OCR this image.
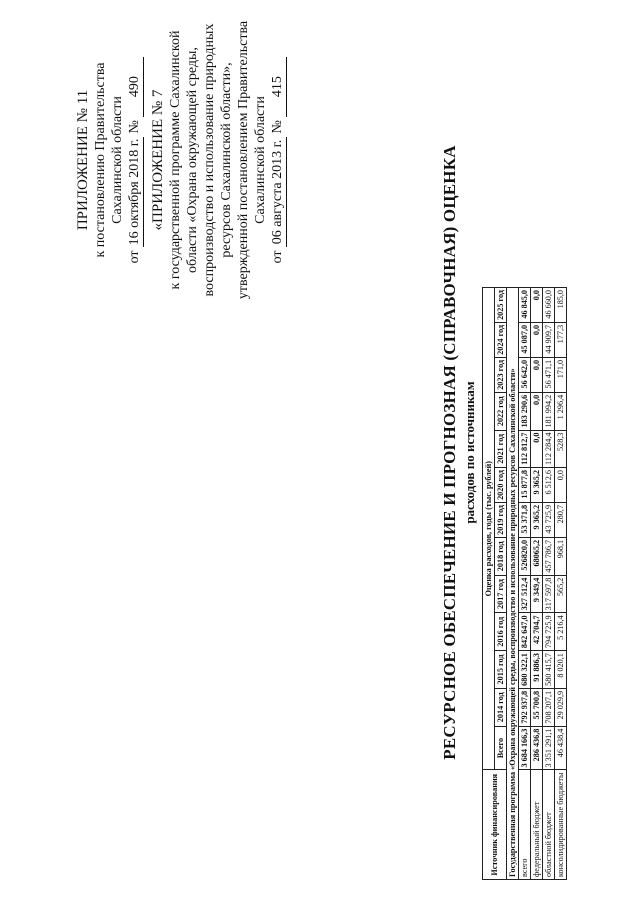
ПРИЛОЖЕНИЕ № 11 к постановлению Правительства Сахалинской области
от 16 октября 2018 г. № 490
«ПРИЛОЖЕНИЕ № 7 к государственной программе Сахалинской области «Охрана окружающей среды, воспроизводство и использование природных ресурсов Сахалинской области», утвержденной постановлением Правительства Сахалинской области
от 06 августа 2013 г. № 415
РЕСУРСНОЕ ОБЕСПЕЧЕНИЕ И ПРОГНОЗНАЯ (СПРАВОЧНАЯ) ОЦЕНКА расходов по источникам
Источник финансирования	Оценка расходов, годы (тыс. рублей)												
	Всего	2014 год	2015 год	2016 год	2017 год	2018 год	2019 год	2020 год	2021 год	2022 год	2023 год	2024 год	2025 год
Государственная программа «Охрана окружающей среды, воспроизводство и использование природных ресурсов Сахалинской области»													
всего	3 684 166,3	792 937,8	680 322,1	842 647,0	327 512,4	526820,0	53 371,8	15 877,8	112 812,7	183 290,6	56 642,0	45 087,0	46 845,0
федеральный бюджет	286 436,8	55 700,8	91 886,3	42 704,7	9 349,4	68065,2	9 365,2	9 365,2	0,0	0,0	0,0	0,0	0,0
областной бюджет	3 351 291,1	708 207,1	580 415,7	794 725,9	317 597,8	457 786,7	43 725,9	6 512,6	112 284,4	181 994,2	56 471,1	44 909,7	46 660,0
консолидированные бюджеты	46 438,4	29 029,9	8 020,1	5 216,4	565,2	968,1	280,7	0,0	528,3	1 296,4	171,0	177,3	185,0
